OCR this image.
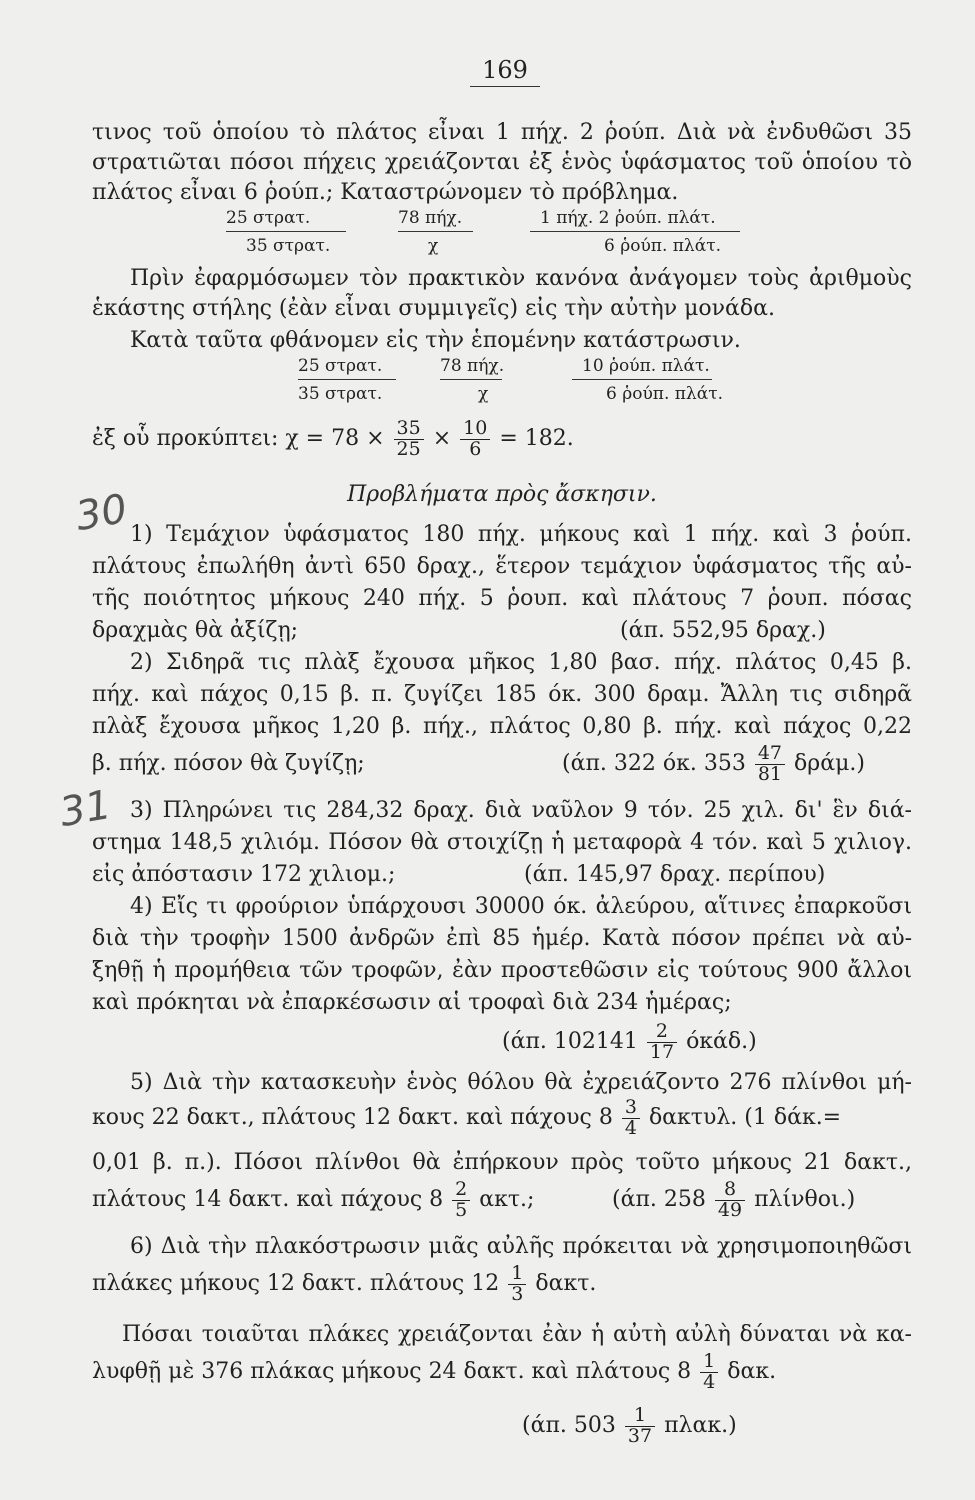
169
τινος τοῦ ὁποίου τὸ πλάτος εἶναι 1 πήχ. 2 ῥούπ. Διὰ νὰ ἐνδυθῶσι 35
στρατιῶται πόσοι πήχεις χρειάζονται ἐξ ἑνὸς ὑφάσματος τοῦ ὁποίου τὸ
πλάτος εἶναι 6 ῥούπ.; Καταστρώνομεν τὸ πρόβλημα.
25 στρατ.	78 πήχ.	1 πήχ. 2 ῥούπ. πλάτ.
35 στρατ.	χ	6 ῥούπ. πλάτ.
Πρὶν ἐφαρμόσωμεν τὸν πρακτικὸν κανόνα ἀνάγομεν τοὺς ἀριθμοὺς
ἑκάστης στήλης (ἐὰν εἶναι συμμιγεῖς) εἰς τὴν αὐτὴν μονάδα.
Κατὰ ταῦτα φθάνομεν εἰς τὴν ἑπομένην κατάστρωσιν.
25 στρατ.	78 πήχ.	10 ῥούπ. πλάτ.
35 στρατ.	χ	6 ῥούπ. πλάτ.
ἐξ οὗ προκύπτει: $\chi = 78 \times \frac{35}{25} \times \frac{10}{6} = 182$.
Προβλήματα πρὸς ἄσκησιν.
30 1) Τεμάχιον ὑφάσματος 180 πήχ. μήκους καὶ 1 πήχ. καὶ 3 ῥούπ.
πλάτους ἐπωλήθη ἀντὶ 650 δραχ., ἕτερον τεμάχιον ὑφάσματος τῆς αὐ-
τῆς ποιότητος μήκους 240 πήχ. 5 ῥουπ. καὶ πλάτους 7 ῥουπ. πόσας
δραχμὰς θὰ ἀξίζῃ;	(άπ. 552,95 δραχ.)
2) Σιδηρᾶ τις πλὰξ ἔχουσα μῆκος 1,80 βασ. πήχ. πλάτος 0,45 β.
πήχ. καὶ πάχος 0,15 β. π. ζυγίζει 185 όκ. 300 δραμ. Ἄλλη τις σιδηρᾶ
πλὰξ ἔχουσα μῆκος 1,20 β. πήχ., πλάτος 0,80 β. πήχ. καὶ πάχος 0,22
β. πήχ. πόσον θὰ ζυγίζῃ;	(άπ. 322 όκ. $353 \frac{47}{81} \delta\rho ά\mu$.)
31 3) Πληρώνει τις 284,32 δραχ. διὰ ναῦλον 9 τόν. 25 χιλ. δι' ἓν διά-
στημα 148,5 χιλιόμ. Πόσον θὰ στοιχίζῃ ἡ μεταφορὰ 4 τόν. καὶ 5 χιλιογ.
εἰς ἀπόστασιν 172 χιλιομ.;	(άπ. 145,97 δραχ. περίπου)
4) Εἴς τι φρούριον ὑπάρχουσι 30000 όκ. ἀλεύρου, αἵτινες ἐπαρκοῦσι
διὰ τὴν τροφὴν 1500 ἀνδρῶν ἐπὶ 85 ἡμέρ. Κατὰ πόσον πρέπει νὰ αὐ-
ξηθῇ ἡ προμήθεια τῶν τροφῶν, ἐὰν προστεθῶσιν εἰς τούτους 900 ἄλλοι
καὶ πρόκηται νὰ ἐπαρκέσωσιν αἱ τροφαὶ διὰ 234 ἡμέρας;
(άπ. $102141 \frac{2}{17} ό\kappa ά\delta$.)
5) Διὰ τὴν κατασκευὴν ἑνὸς θόλου θὰ ἐχρειάζοντο 276 πλίνθοι μή-
κους 22 δακτ., πλάτους 12 δακτ. καὶ πάχους $8 \frac{3}{4} \delta\alpha\kappa\tau\upsilon\lambda$. (1 δάκ.=
0,01 β. π.). Πόσοι πλίνθοι θὰ ἐπήρκουν πρὸς τοῦτο μήκους 21 δακτ.,
πλάτους 14 δακτ. καὶ πάχους $8 \frac{2}{5} \alpha\kappa\tau$.;	(άπ. $258 \frac{8}{49} \pi\lambda ί\nu\theta o\iota$.)
6) Διὰ τὴν πλακόστρωσιν μιᾶς αὐλῆς πρόκειται νὰ χρησιμοποιηθῶσι
πλάκες μήκους 12 δακτ. πλάτους $12 \frac{1}{3} \delta\alpha\kappa\tau$.
Πόσαι τοιαῦται πλάκες χρειάζονται ἐὰν ἡ αὐτὴ αὐλὴ δύναται νὰ κα-
λυφθῇ μὲ 376 πλάκας μήκους 24 δακτ. καὶ πλάτους $8 \frac{1}{4} \delta\alpha\kappa$.
(άπ. $503 \frac{1}{37} \pi\lambda\alpha\kappa$.)
